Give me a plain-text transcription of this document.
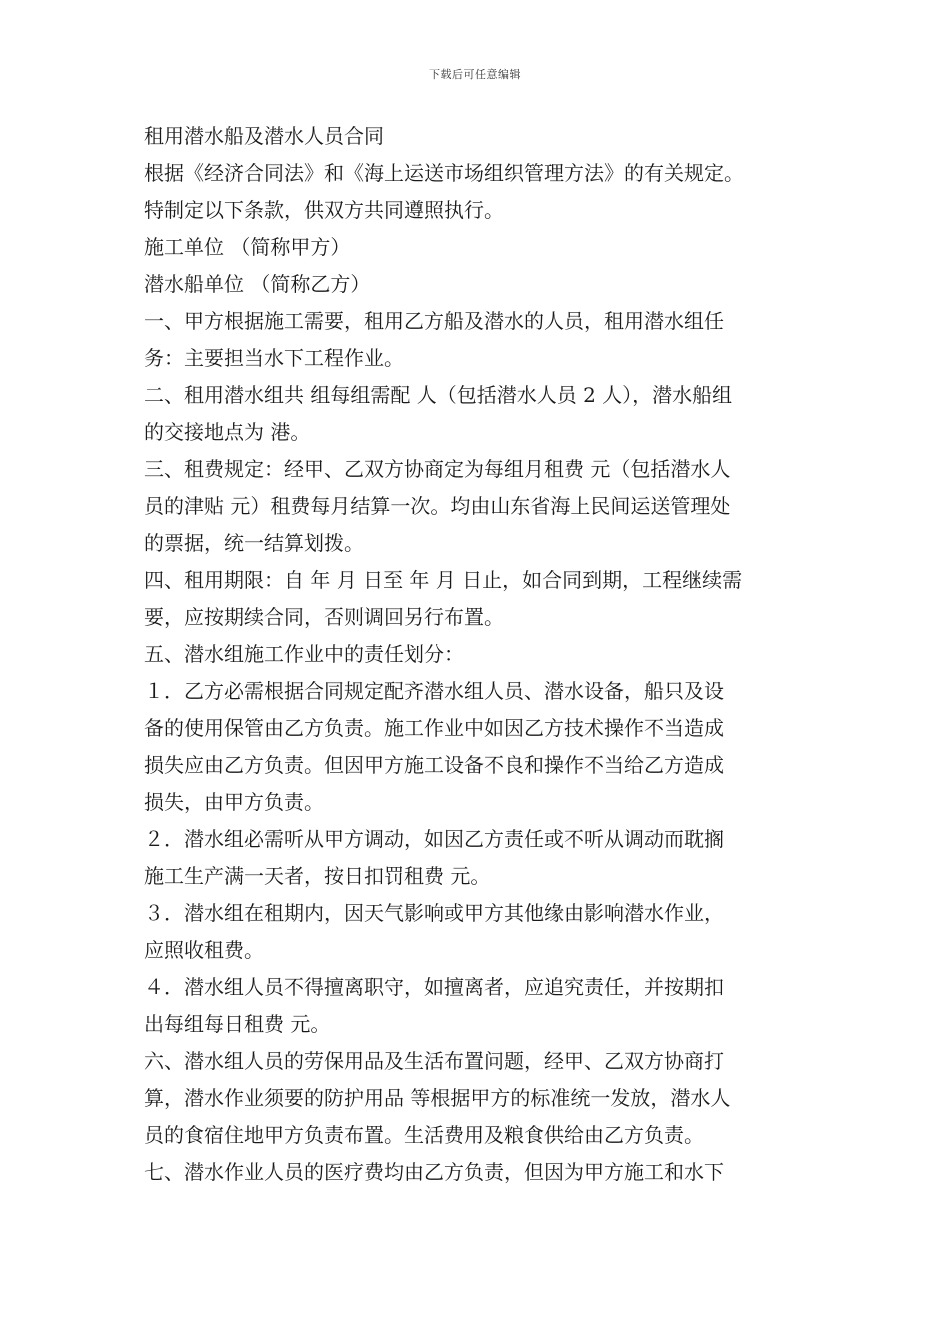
下载后可任意编辑
租用潜水船及潜水人员合同
根据《经济合同法》和《海上运送市场组织管理方法》的有关规定。
特制定以下条款，供双方共同遵照执行。
施工单位 （简称甲方）
潜水船单位 （简称乙方）
一、甲方根据施工需要，租用乙方船及潜水的人员，租用潜水组任
务：主要担当水下工程作业。
二、租用潜水组共 组每组需配 人（包括潜水人员 2 人），潜水船组
的交接地点为 港。
三、租费规定：经甲、乙双方协商定为每组月租费 元（包括潜水人
员的津贴 元）租费每月结算一次。均由山东省海上民间运送管理处
的票据，统一结算划拨。
四、租用期限：自 年 月 日至 年 月 日止，如合同到期，工程继续需
要，应按期续合同，否则调回另行布置。
五、潜水组施工作业中的责任划分：
１．乙方必需根据合同规定配齐潜水组人员、潜水设备，船只及设
备的使用保管由乙方负责。施工作业中如因乙方技术操作不当造成
损失应由乙方负责。但因甲方施工设备不良和操作不当给乙方造成
损失，由甲方负责。
２．潜水组必需听从甲方调动，如因乙方责任或不听从调动而耽搁
施工生产满一天者，按日扣罚租费 元。
３．潜水组在租期内，因天气影响或甲方其他缘由影响潜水作业，
应照收租费。
４．潜水组人员不得擅离职守，如擅离者，应追究责任，并按期扣
出每组每日租费 元。
六、潜水组人员的劳保用品及生活布置问题，经甲、乙双方协商打
算，潜水作业须要的防护用品 等根据甲方的标准统一发放，潜水人
员的食宿住地甲方负责布置。生活费用及粮食供给由乙方负责。
七、潜水作业人员的医疗费均由乙方负责，但因为甲方施工和水下
